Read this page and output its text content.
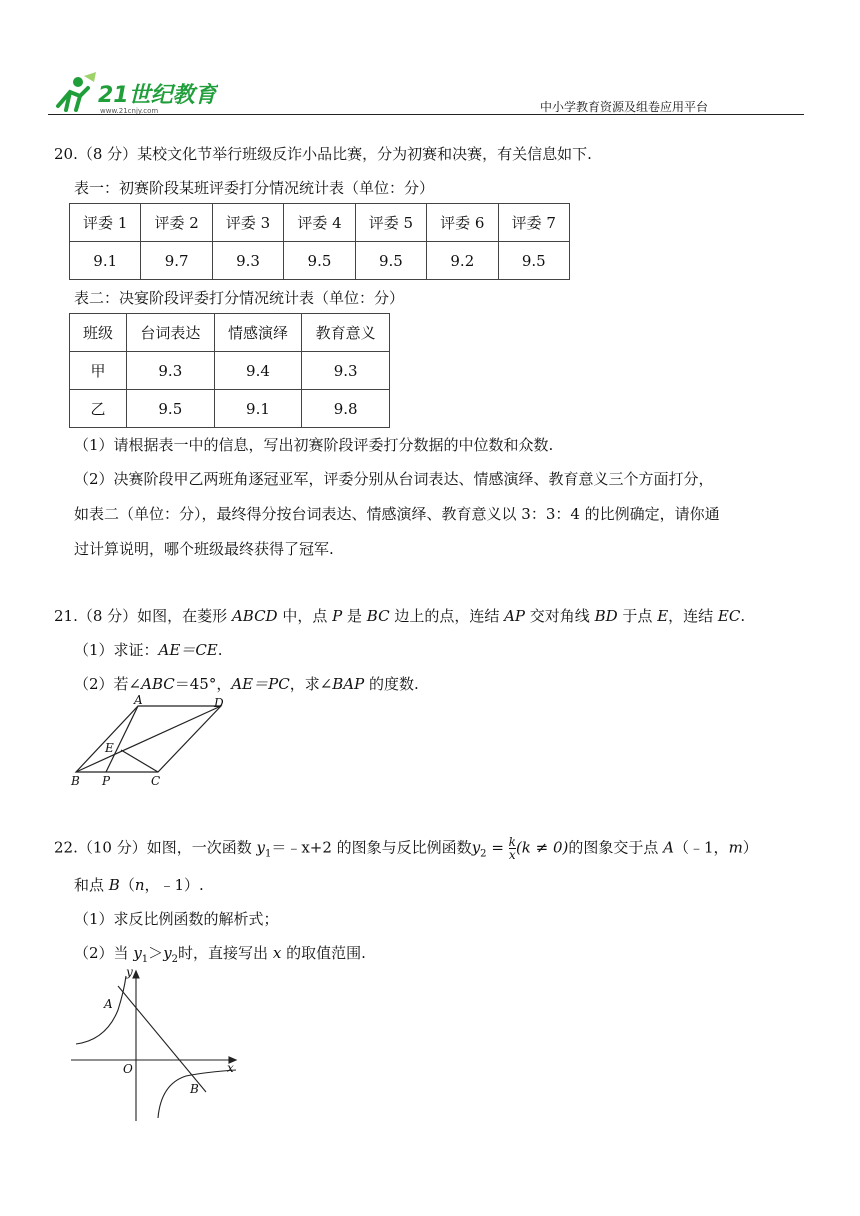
21世纪教育
www.21cnjy.com	中小学教育资源及组卷应用平台
20.（8 分）某校文化节举行班级反诈小品比赛，分为初赛和决赛，有关信息如下.
表一：初赛阶段某班评委打分情况统计表（单位：分）
评委 1	评委 2	评委 3	评委 4	评委 5	评委 6	评委 7
9.1	9.7	9.3	9.5	9.5	9.2	9.5
表二：决宴阶段评委打分情况统计表（单位：分）
班级	台词表达	情感演绎	教育意义
甲	9.3	9.4	9.3
乙	9.5	9.1	9.8
（1）请根据表一中的信息，写出初赛阶段评委打分数据的中位数和众数.
（2）决赛阶段甲乙两班角逐冠亚军，评委分别从台词表达、情感演绎、教育意义三个方面打分，
如表二（单位：分），最终得分按台词表达、情感演绎、教育意义以 3：3：4 的比例确定，请你通
过计算说明，哪个班级最终获得了冠军.
21.（8 分）如图，在菱形 ABCD 中，点 P 是 BC 边上的点，连结 AP 交对角线 BD 于点 E，连结 EC.
（1）求证：AE＝CE.
（2）若∠ABC＝45°，AE＝PC，求∠BAP 的度数.
A	D
E
B P	C
22.（10 分）如图，一次函数 $y_1=﹣x+2$ 的图象与反比例函数$y_2 = \frac{k}{x} (k \ne 0)$的图象交于点 A（﹣1，m）
和点 B（n，﹣1）.
（1）求反比例函数的解析式；
（2）当 $y_1>y_2$时，直接写出 x 的取值范围.
y
A
O	x
B
